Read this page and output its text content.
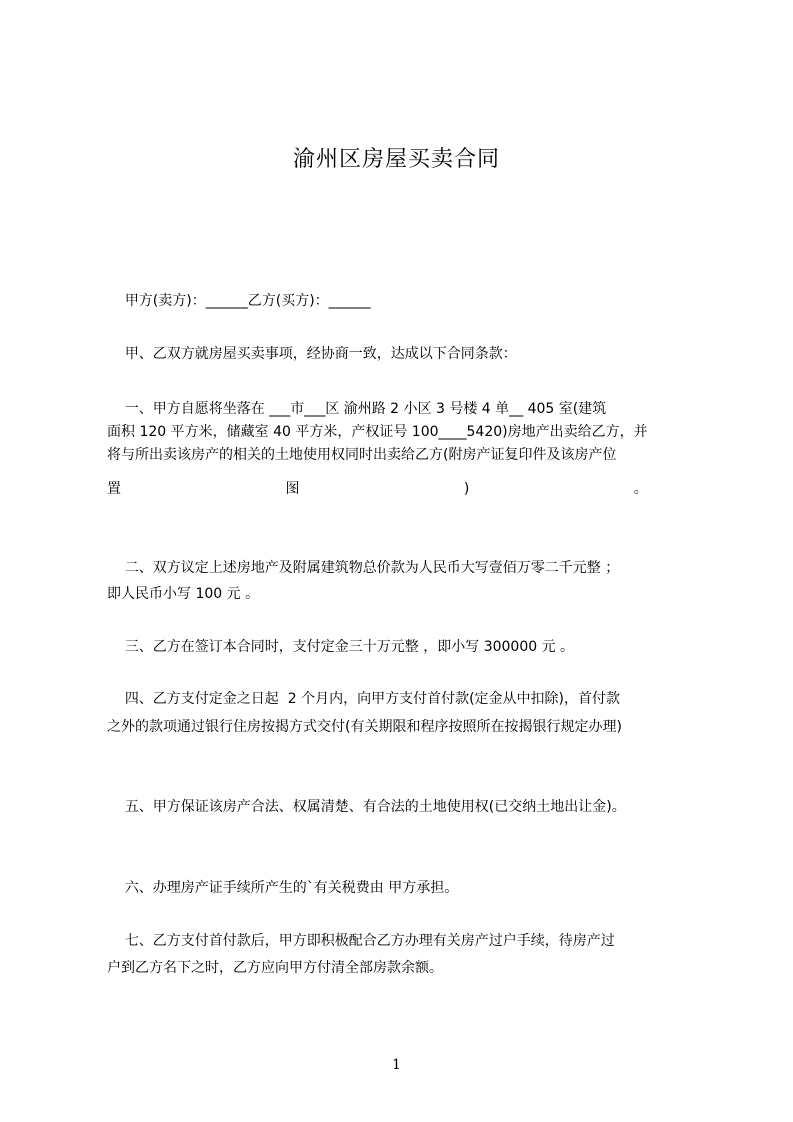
渝州区房屋买卖合同

甲方(卖方)：______乙方(买方)：______

甲、乙双方就房屋买卖事项，经协商一致，达成以下合同条款：

一、甲方自愿将坐落在 ___市___区 渝州路 2 小区 3 号楼 4 单__ 405 室(建筑

面积 120 平方米，储藏室 40 平方米，产权证号 100____5420)房地产出卖给乙方，并

将与所出卖该房产的相关的土地使用权同时出卖给乙方(附房产证复印件及该房产位

置 图 ) 。

二、双方议定上述房地产及附属建筑物总价款为人民币大写壹佰万零二千元整 ；

即人民币小写 100 元 。

三、乙方在签订本合同时，支付定金三十万元整 ，即小写 300000 元 。

四、乙方支付定金之日起  2 个月内，向甲方支付首付款(定金从中扣除)，首付款

之外的款项通过银行住房按揭方式交付(有关期限和程序按照所在按揭银行规定办理)

五、甲方保证该房产合法、权属清楚、有合法的土地使用权(已交纳土地出让金)。

六、办理房产证手续所产生的`有关税费由 甲方承担。

七、乙方支付首付款后，甲方即积极配合乙方办理有关房产过户手续，待房产过

户到乙方名下之时，乙方应向甲方付清全部房款余额。

1
